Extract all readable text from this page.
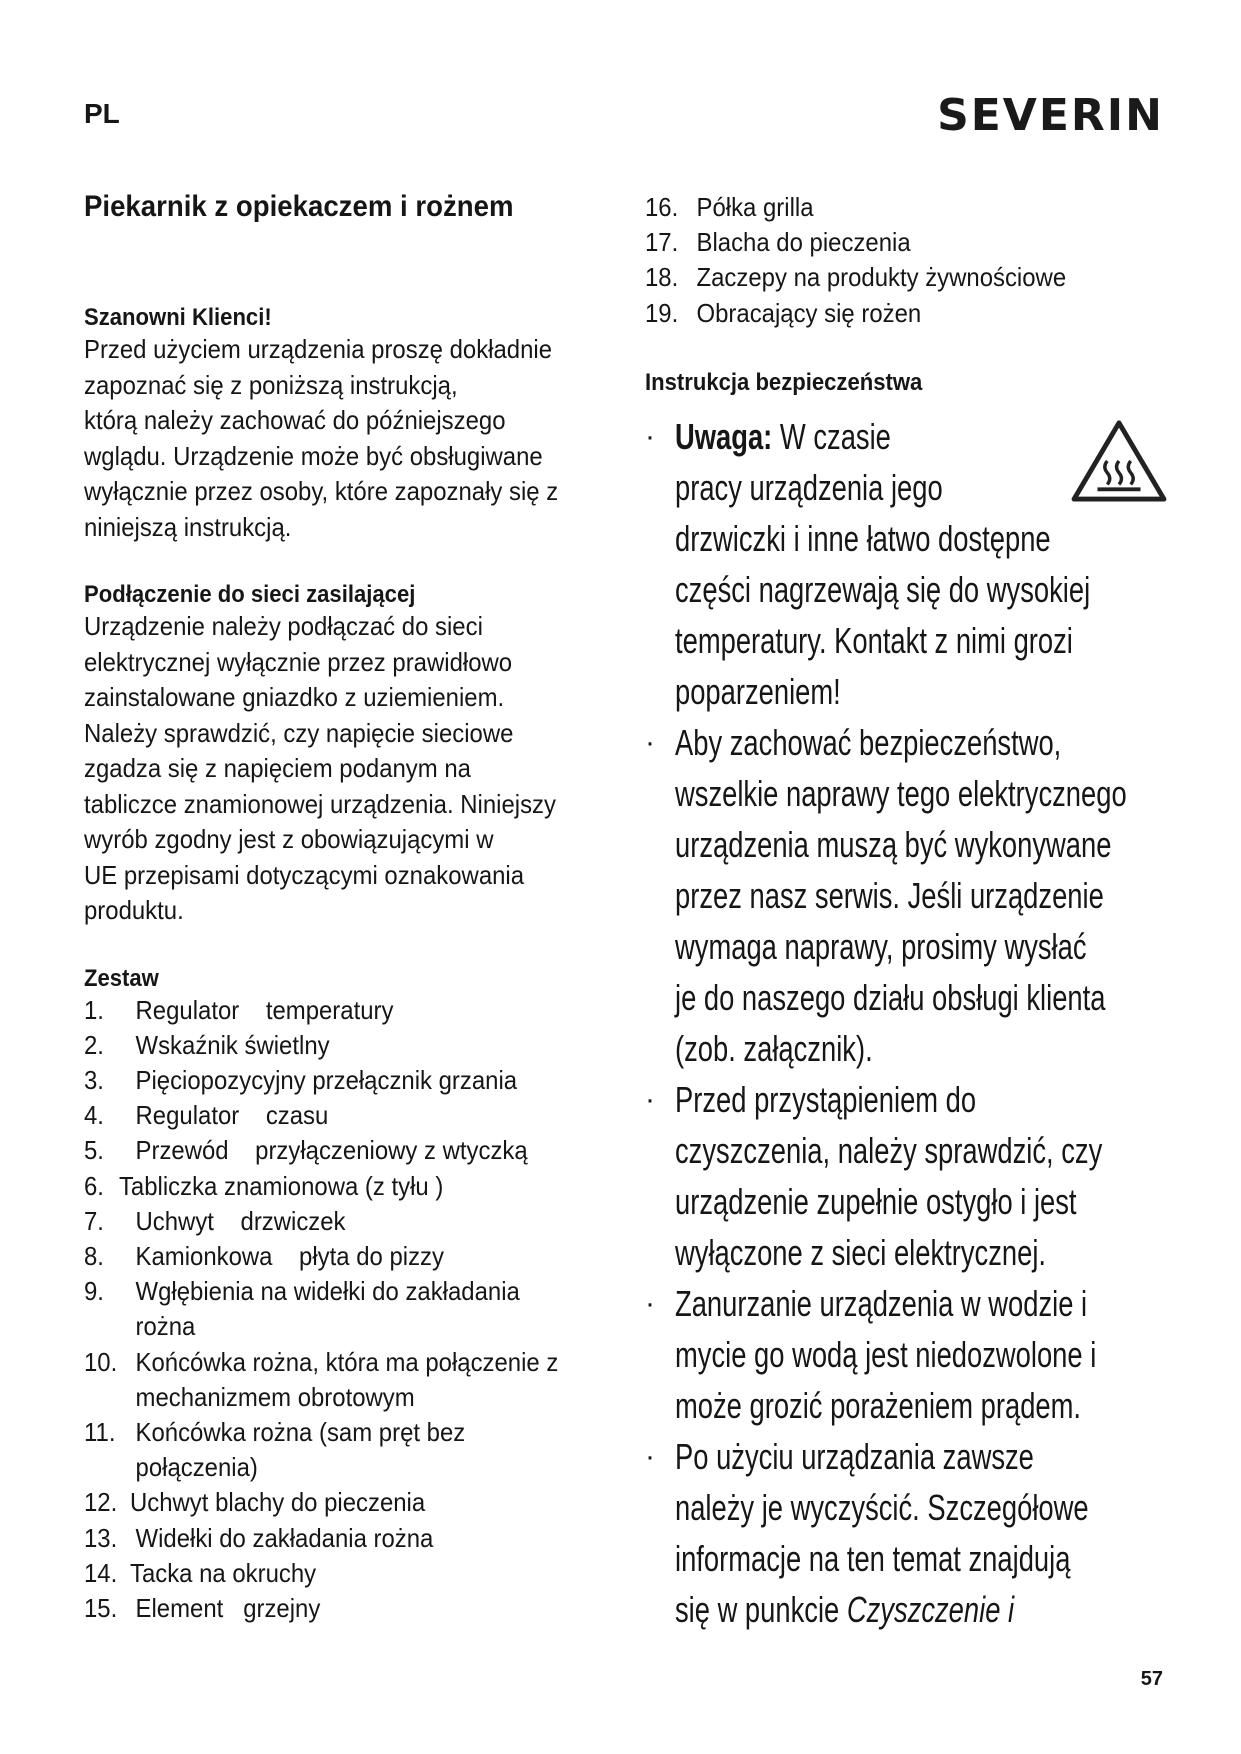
PL	SEVERIN
Piekarnik z opiekaczem i rożnem
Szanowni Klienci!

Przed użyciem urządzenia proszę dokładnie
zapoznać się z poniższą instrukcją,
którą należy zachować do późniejszego
wglądu. Urządzenie może być obsługiwane
wyłącznie przez osoby, które zapoznały się z
niniejszą instrukcją.

Podłączenie do sieci zasilającej

Urządzenie należy podłączać do sieci
elektrycznej wyłącznie przez prawidłowo
zainstalowane gniazdko z uziemieniem.
Należy sprawdzić, czy napięcie sieciowe
zgadza się z napięciem podanym na
tabliczce znamionowej urządzenia. Niniejszy
wyrób zgodny jest z obowiązującymi w
UE przepisami dotyczącymi oznakowania
produktu.

Zestaw
1.	Regulator    temperatury
2.	Wskaźnik świetlny
3.	Pięciopozycyjny przełącznik grzania
4.	Regulator    czasu
5.	Przewód    przyłączeniowy z wtyczką
6. Tabliczka znamionowa (z tyłu )
7.	Uchwyt    drzwiczek
8.	Kamionkowa    płyta do pizzy
9.	Wgłębienia na widełki do zakładania
rożna
10. Końcówka rożna, która ma połączenie z
mechanizmem obrotowym
11. Końcówka rożna (sam pręt bez
połączenia)
12. Uchwyt blachy do pieczenia
13. Widełki do zakładania rożna
14. Tacka na okruchy
15. Element   grzejny
16. Półka grilla
17. Blacha do pieczenia
18. Zaczepy na produkty żywnościowe
19. Obracający się rożen
Instrukcja bezpieczeństwa
· Uwaga: W czasie
pracy urządzenia jego
drzwiczki i inne łatwo dostępne
części nagrzewają się do wysokiej
temperatury. Kontakt z nimi grozi
poparzeniem!
· Aby zachować bezpieczeństwo,
wszelkie naprawy tego elektrycznego
urządzenia muszą być wykonywane
przez nasz serwis. Jeśli urządzenie
wymaga naprawy, prosimy wysłać
je do naszego działu obsługi klienta
(zob. załącznik).
· Przed przystąpieniem do
czyszczenia, należy sprawdzić, czy
urządzenie zupełnie ostygło i jest
wyłączone z sieci elektrycznej.
· Zanurzanie urządzenia w wodzie i
mycie go wodą jest niedozwolone i
może grozić porażeniem prądem.
· Po użyciu urządzania zawsze
należy je wyczyścić. Szczegółowe
informacje na ten temat znajdują
się w punkcie Czyszczenie i
57
